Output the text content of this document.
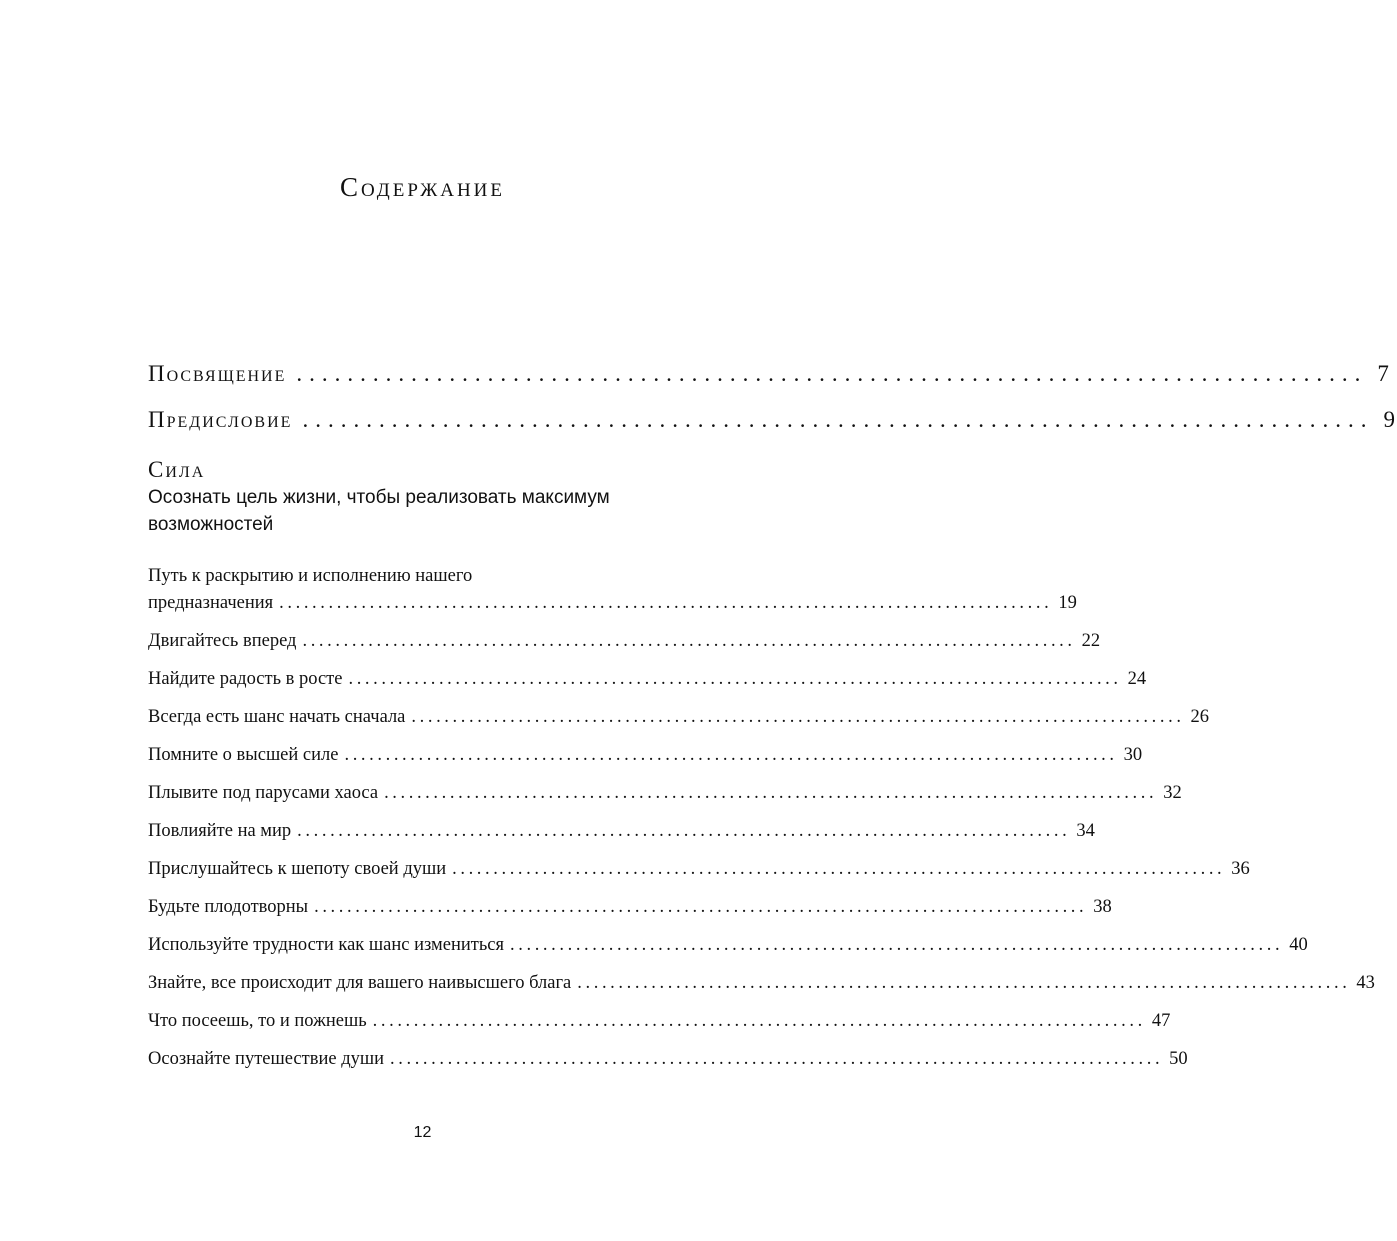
Содержание
Посвящение .................................................................................... 7
Предисловие .................................................................................... 9
Сила
Осознать цель жизни, чтобы реализовать максимум возможностей
Путь к раскрытию и исполнению нашего
предназначения .............................................................................................. 19
Двигайтесь вперед .............................................................................................. 22
Найдите радость в росте .............................................................................................. 24
Всегда есть шанс начать сначала .............................................................................................. 26
Помните о высшей силе .............................................................................................. 30
Плывите под парусами хаоса .............................................................................................. 32
Повлияйте на мир .............................................................................................. 34
Прислушайтесь к шепоту своей души .............................................................................................. 36
Будьте плодотворны .............................................................................................. 38
Используйте трудности как шанс измениться .............................................................................................. 40
Знайте, все происходит для вашего наивысшего блага .............................................................................................. 43
Что посеешь, то и пожнешь .............................................................................................. 47
Осознайте путешествие души .............................................................................................. 50
12
